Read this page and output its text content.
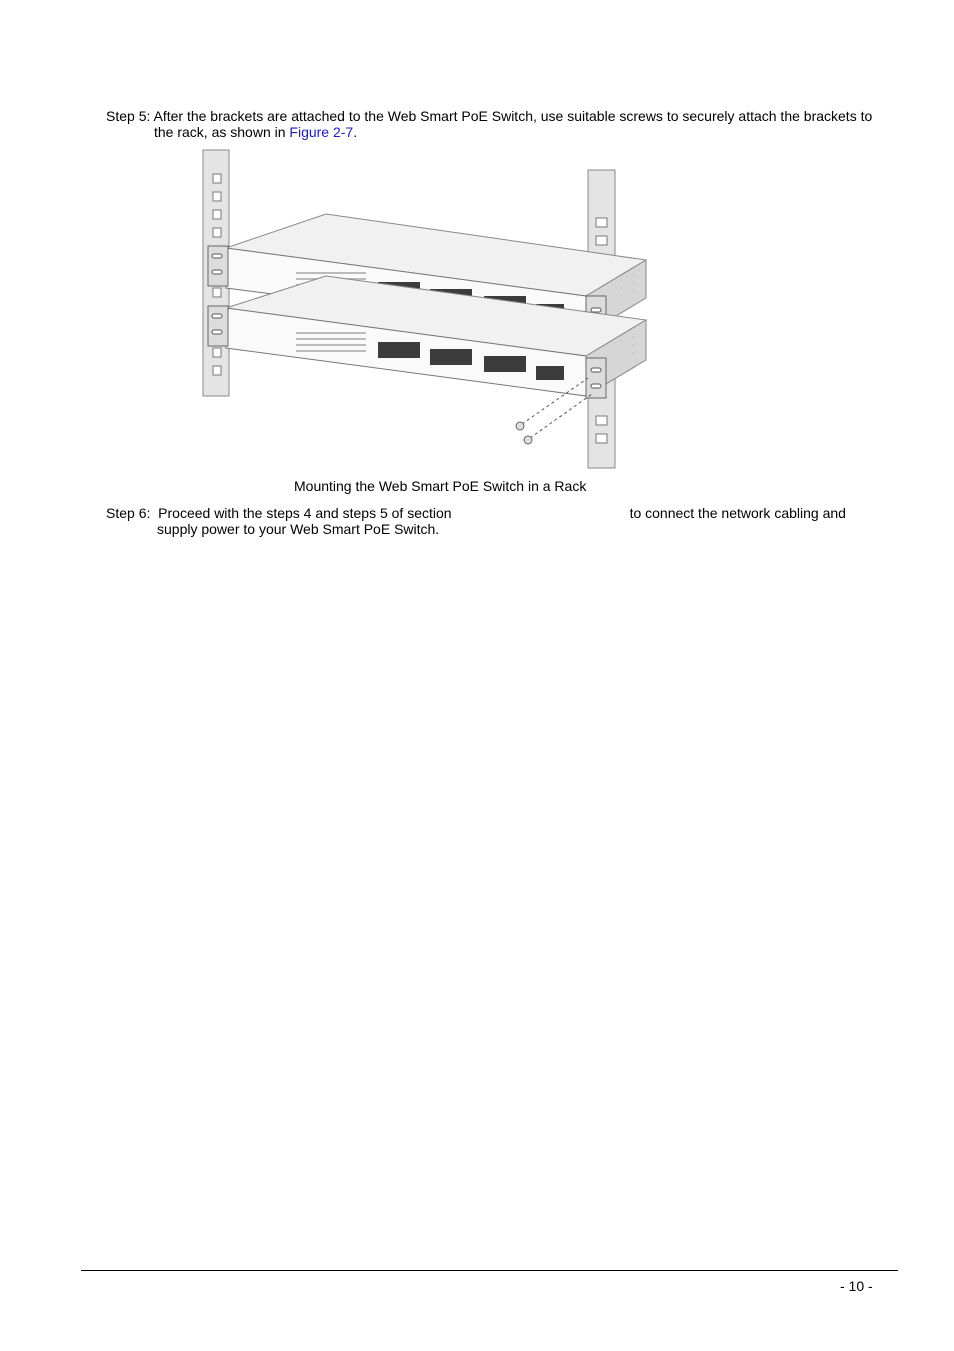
Step 5: After the brackets are attached to the Web Smart PoE Switch, use suitable screws to securely attach the brackets to
the rack, as shown in Figure 2-7.
Mounting the Web Smart PoE Switch in a Rack
Step 6: Proceed with the steps 4 and steps 5 of section	to connect the network cabling and
supply power to your Web Smart PoE Switch.
- 10 -
